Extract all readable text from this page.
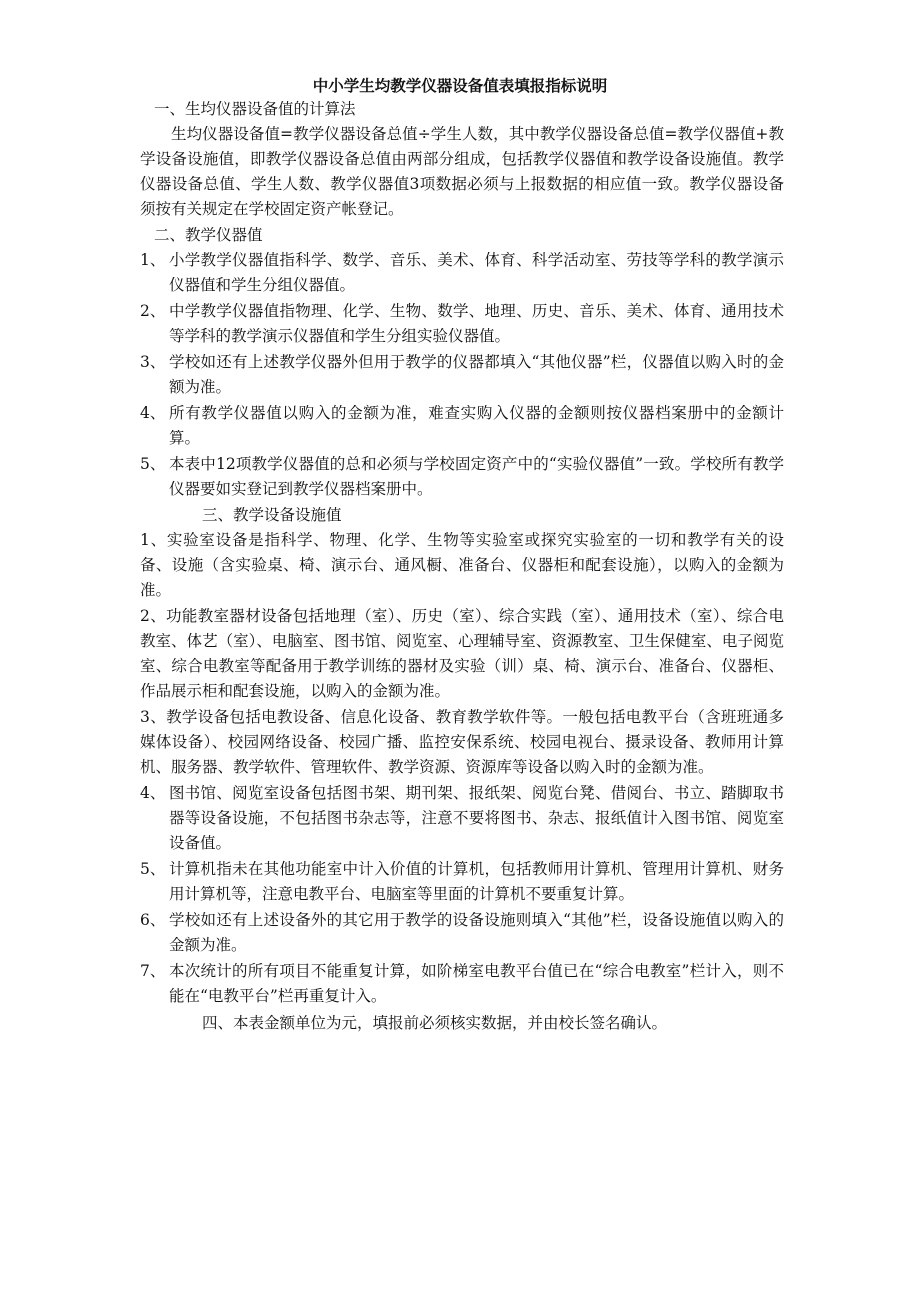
中小学生均教学仪器设备值表填报指标说明
一、生均仪器设备值的计算法
生均仪器设备值=教学仪器设备总值÷学生人数，其中教学仪器设备总值=教学仪器值+教学设备设施值，即教学仪器设备总值由两部分组成，包括教学仪器值和教学设备设施值。教学仪器设备总值、学生人数、教学仪器值3项数据必须与上报数据的相应值一致。教学仪器设备须按有关规定在学校固定资产帐登记。
二、教学仪器值
1、 小学教学仪器值指科学、数学、音乐、美术、体育、科学活动室、劳技等学科的教学演示仪器值和学生分组仪器值。
2、 中学教学仪器值指物理、化学、生物、数学、地理、历史、音乐、美术、体育、通用技术等学科的教学演示仪器值和学生分组实验仪器值。
3、 学校如还有上述教学仪器外但用于教学的仪器都填入“其他仪器”栏，仪器值以购入时的金额为准。
4、 所有教学仪器值以购入的金额为准，难查实购入仪器的金额则按仪器档案册中的金额计算。
5、 本表中12项教学仪器值的总和必须与学校固定资产中的“实验仪器值”一致。学校所有教学仪器要如实登记到教学仪器档案册中。
三、教学设备设施值
1、实验室设备是指科学、物理、化学、生物等实验室或探究实验室的一切和教学有关的设备、设施（含实验桌、椅、演示台、通风橱、准备台、仪器柜和配套设施），以购入的金额为准。
2、功能教室器材设备包括地理（室）、历史（室）、综合实践（室）、通用技术（室）、综合电教室、体艺（室）、电脑室、图书馆、阅览室、心理辅导室、资源教室、卫生保健室、电子阅览室、综合电教室等配备用于教学训练的器材及实验（训）桌、椅、演示台、准备台、仪器柜、作品展示柜和配套设施，以购入的金额为准。
3、教学设备包括电教设备、信息化设备、教育教学软件等。一般包括电教平台（含班班通多媒体设备）、校园网络设备、校园广播、监控安保系统、校园电视台、摄录设备、教师用计算机、服务器、教学软件、管理软件、教学资源、资源库等设备以购入时的金额为准。
4、 图书馆、阅览室设备包括图书架、期刊架、报纸架、阅览台凳、借阅台、书立、踏脚取书器等设备设施，不包括图书杂志等，注意不要将图书、杂志、报纸值计入图书馆、阅览室设备值。
5、 计算机指未在其他功能室中计入价值的计算机，包括教师用计算机、管理用计算机、财务用计算机等，注意电教平台、电脑室等里面的计算机不要重复计算。
6、 学校如还有上述设备外的其它用于教学的设备设施则填入“其他”栏，设备设施值以购入的金额为准。
7、 本次统计的所有项目不能重复计算，如阶梯室电教平台值已在“综合电教室”栏计入，则不能在“电教平台”栏再重复计入。
四、本表金额单位为元，填报前必须核实数据，并由校长签名确认。
